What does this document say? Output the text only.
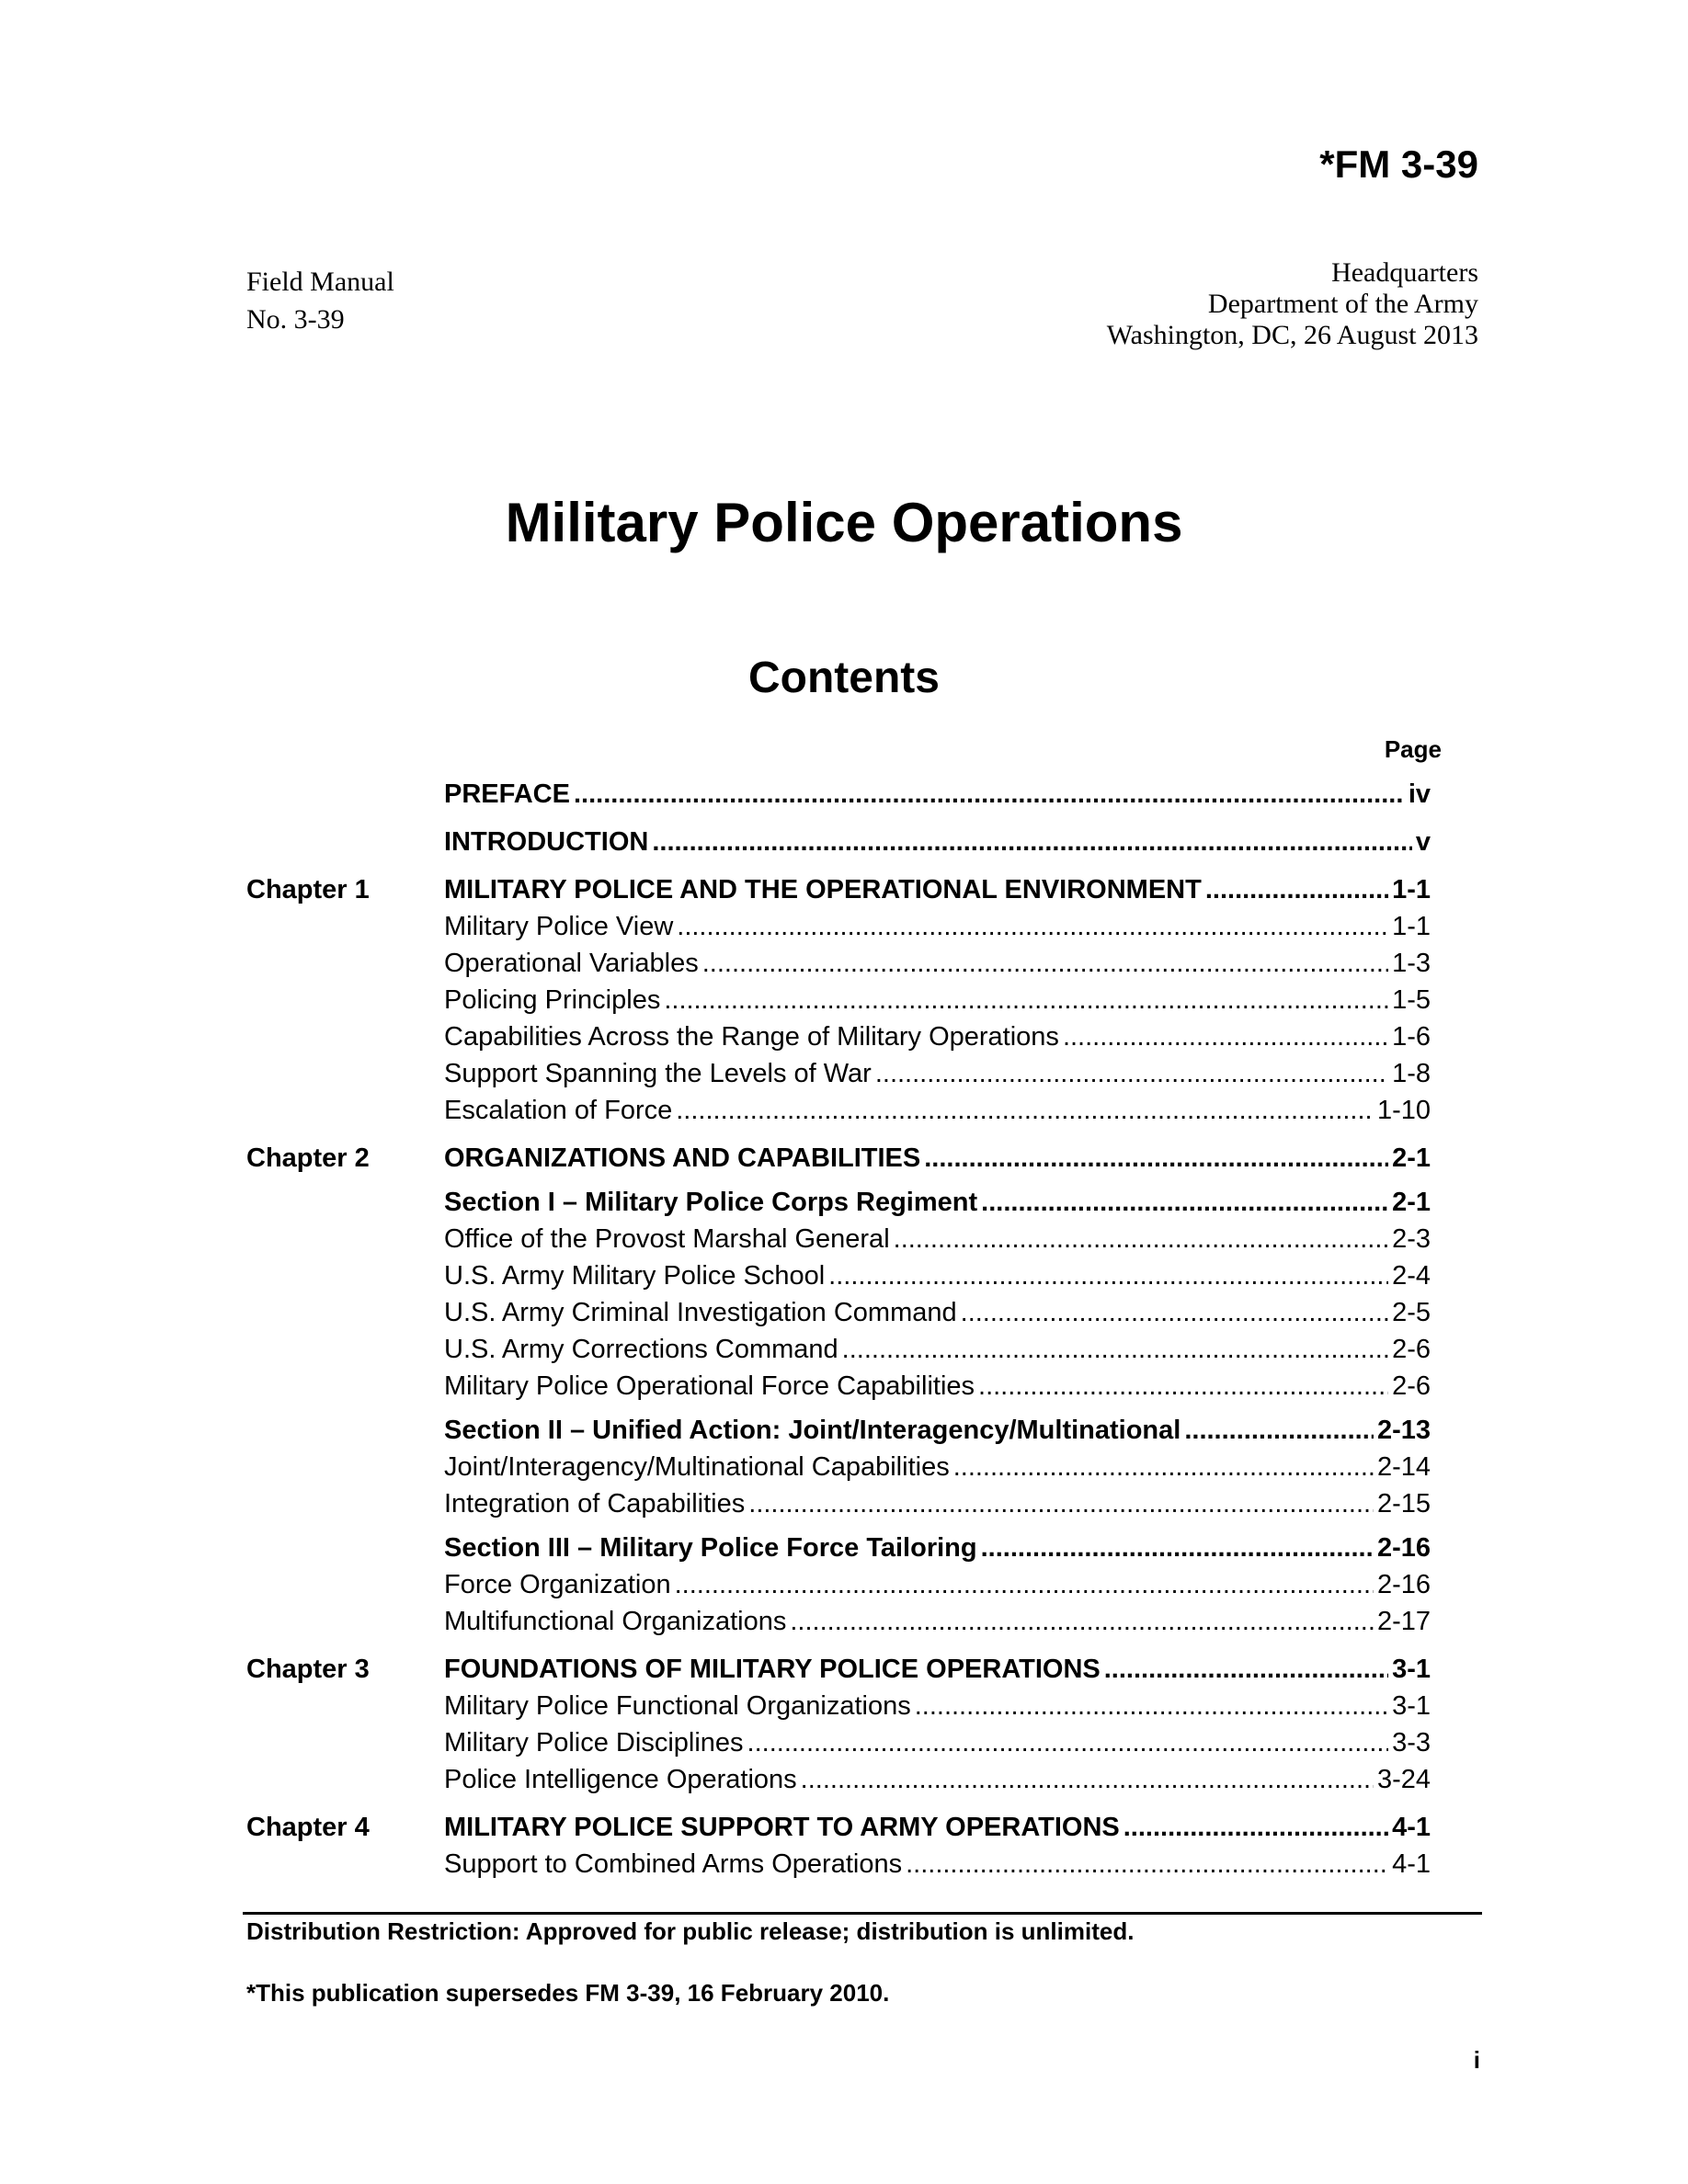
*FM 3-39
Field Manual
No. 3-39
Headquarters
Department of the Army
Washington, DC, 26 August 2013
Military Police Operations
Contents
Page
PREFACE .....	iv
INTRODUCTION .....	v
Chapter 1	MILITARY POLICE AND THE OPERATIONAL ENVIRONMENT .....	1-1
Military Police View .....	1-1
Operational Variables .....	1-3
Policing Principles .....	1-5
Capabilities Across the Range of Military Operations .....	1-6
Support Spanning the Levels of War .....	1-8
Escalation of Force .....	1-10
Chapter 2	ORGANIZATIONS AND CAPABILITIES .....	2-1
Section I – Military Police Corps Regiment .....	2-1
Office of the Provost Marshal General .....	2-3
U.S. Army Military Police School .....	2-4
U.S. Army Criminal Investigation Command .....	2-5
U.S. Army Corrections Command .....	2-6
Military Police Operational Force Capabilities .....	2-6
Section II – Unified Action: Joint/Interagency/Multinational .....	2-13
Joint/Interagency/Multinational Capabilities .....	2-14
Integration of Capabilities .....	2-15
Section III – Military Police Force Tailoring .....	2-16
Force Organization .....	2-16
Multifunctional Organizations .....	2-17
Chapter 3	FOUNDATIONS OF MILITARY POLICE OPERATIONS .....	3-1
Military Police Functional Organizations .....	3-1
Military Police Disciplines .....	3-3
Police Intelligence Operations .....	3-24
Chapter 4	MILITARY POLICE SUPPORT TO ARMY OPERATIONS .....	4-1
Support to Combined Arms Operations .....	4-1
Distribution Restriction: Approved for public release; distribution is unlimited.
*This publication supersedes FM 3-39, 16 February 2010.
i
